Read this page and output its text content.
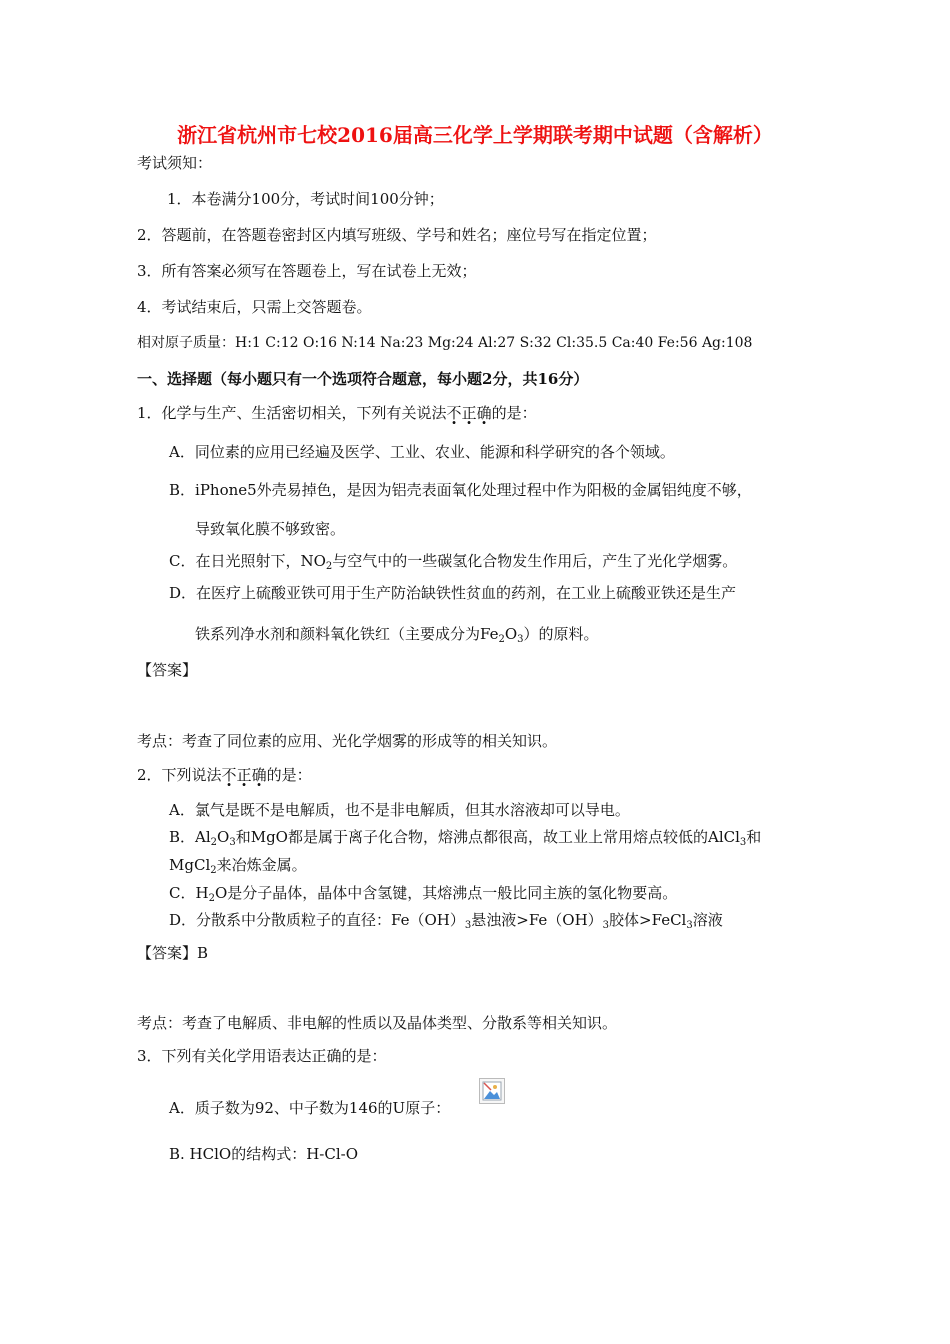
浙江省杭州市七校2016届高三化学上学期联考期中试题（含解析）
考试须知：
1．本卷满分100分，考试时间100分钟；
2．答题前，在答题卷密封区内填写班级、学号和姓名；座位号写在指定位置；
3．所有答案必须写在答题卷上，写在试卷上无效；
4．考试结束后，只需上交答题卷。
相对原子质量：H:1 C:12 O:16 N:14 Na:23 Mg:24 Al:27 S:32 Cl:35.5 Ca:40 Fe:56 Ag:108
一、选择题（每小题只有一个选项符合题意，每小题2分，共16分）
1．化学与生产、生活密切相关，下列有关说法不正确的是：
A．同位素的应用已经遍及医学、工业、农业、能源和科学研究的各个领域。
B．iPhone5外壳易掉色，是因为铝壳表面氧化处理过程中作为阳极的金属铝纯度不够，
导致氧化膜不够致密。
C．在日光照射下，$NO_2$与空气中的一些碳氢化合物发生作用后，产生了光化学烟雾。
D．在医疗上硫酸亚铁可用于生产防治缺铁性贫血的药剂，在工业上硫酸亚铁还是生产
铁系列净水剂和颜料氧化铁红（主要成分为$Fe_2O_3$）的原料。
【答案】
考点：考查了同位素的应用、光化学烟雾的形成等的相关知识。
2．下列说法不正确的是：
A．氯气是既不是电解质，也不是非电解质，但其水溶液却可以导电。
B．$Al_2O_3$和MgO都是属于离子化合物，熔沸点都很高，故工业上常用熔点较低的AlCl$_3$和
MgCl$_2$来冶炼金属。
C．$H_2O$是分子晶体，晶体中含氢键，其熔沸点一般比同主族的氢化物要高。
D．分散系中分散质粒子的直径：$Fe(OH)_3$悬浊液$>Fe(OH)_3$胶体>FeCl$_3$溶液
【答案】B
考点：考查了电解质、非电解的性质以及晶体类型、分散系等相关知识。
3．下列有关化学用语表达正确的是：
A．质子数为92、中子数为146的U原子：
B. HClO的结构式：H-Cl-O
